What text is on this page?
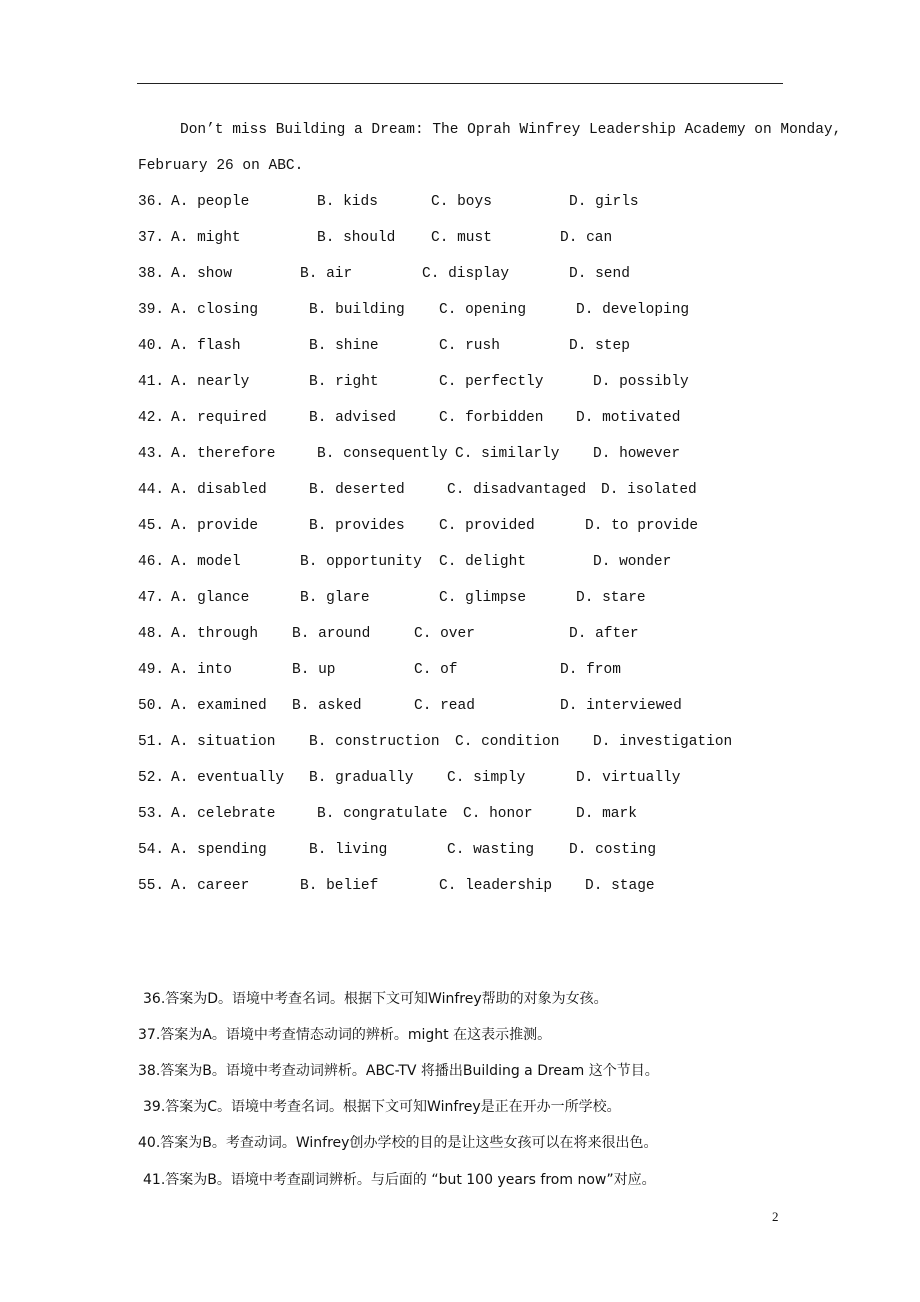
Don’t miss Building a Dream: The Oprah Winfrey Leadership Academy on Monday,
February 26 on ABC.

36.

A. people

	B. kids

	C. boys

	D. girls

37.

A. might

	B. should

C. must

	D. can

38.

A. show

	B. air

	C. display

	D. send

39.

A. closing

	B. building

C. opening

	D. developing

40.

A. flash

	B. shine

	C. rush

	D. step

41.

A. nearly

	B. right

	C. perfectly

	D. possibly

42.

A. required

	B. advised

	C. forbidden

D. motivated

43.

A. therefore

	B. consequently

C. similarly

D. however

44.

A. disabled

	B. deserted

	C. disadvantaged

D. isolated

45.

A. provide

	B. provides

C. provided

	D. to provide

46.

A. model

	B. opportunity

C. delight

	D. wonder

47.

A. glance

	B. glare

	C. glimpse

	D. stare

48.

A. through

B. around

	C. over

	D. after

49.

A. into

	B. up

	C. of

	D. from

50.

A. examined

B. asked

	C. read

	D. interviewed

51.

A. situation

B. construction

C. condition

D. investigation

52.

A. eventually

B. gradually

C. simply

	D. virtually

53.

A. celebrate

	B. congratulate

C. honor

	D. mark

54.

A. spending

	B. living

	C. wasting

D. costing

55.

A. career

	B. belief

	C. leadership

D. stage

36.答案为D。语境中考查名词。根据下文可知Winfrey帮助的对象为女孩。
37.答案为A。语境中考查情态动词的辨析。might 在这表示推测。
38.答案为B。语境中考查动词辨析。ABC-TV 将播出Building a Dream 这个节目。
39.答案为C。语境中考查名词。根据下文可知Winfrey是正在开办一所学校。
40.答案为B。考查动词。Winfrey创办学校的目的是让这些女孩可以在将来很出色。
41.答案为B。语境中考查副词辨析。与后面的 “but 100 years from now”对应。
2
